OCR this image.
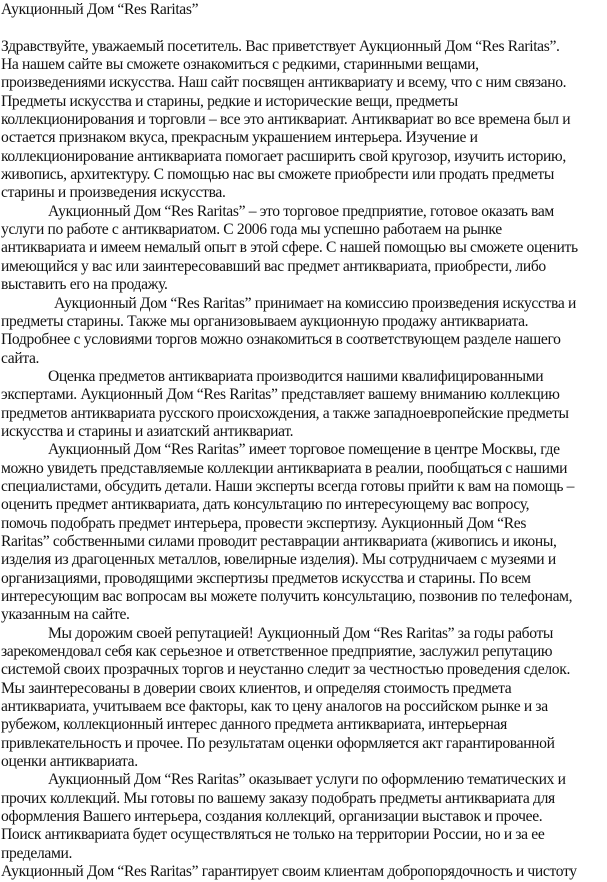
Аукционный Дом “Res Raritas”
Здравствуйте, уважаемый посетитель. Вас приветствует Аукционный Дом “Res Raritas”.
На нашем сайте вы сможете ознакомиться с редкими, старинными вещами,
произведениями искусства. Наш сайт посвящен антиквариату и всему, что с ним связано.
Предметы искусства и старины, редкие и исторические вещи, предметы
коллекционирования и торговли – все это антиквариат. Антиквариат во все времена был и
остается признаком вкуса, прекрасным украшением интерьера. Изучение и
коллекционирование антиквариата помогает расширить свой кругозор, изучить историю,
живопись, архитектуру. С помощью нас вы сможете приобрести или продать предметы
старины и произведения искусства.
Аукционный Дом “Res Raritas” – это торговое предприятие, готовое оказать вам
услуги по работе с антиквариатом. С 2006 года мы успешно работаем на рынке
антиквариата и имеем немалый опыт в этой сфере. С нашей помощью вы сможете оценить
имеющийся у вас или заинтересовавший вас предмет антиквариата, приобрести, либо
выставить его на продажу.
Аукционный Дом “Res Raritas” принимает на комиссию произведения искусства и
предметы старины. Также мы организовываем аукционную продажу антиквариата.
Подробнее с условиями торгов можно ознакомиться в соответствующем разделе нашего
сайта.
Оценка предметов антиквариата производится нашими квалифицированными
экспертами. Аукционный Дом “Res Raritas” представляет вашему вниманию коллекцию
предметов антиквариата русского происхождения, а также западноевропейские предметы
искусства и старины и азиатский антиквариат.
Аукционный Дом “Res Raritas” имеет торговое помещение в центре Москвы, где
можно увидеть представляемые коллекции антиквариата в реалии, пообщаться с нашими
специалистами, обсудить детали. Наши эксперты всегда готовы прийти к вам на помощь –
оценить предмет антиквариата, дать консультацию по интересующему вас вопросу,
помочь подобрать предмет интерьера, провести экспертизу. Аукционный Дом “Res
Raritas” собственными силами проводит реставрации антиквариата (живопись и иконы,
изделия из драгоценных металлов, ювелирные изделия). Мы сотрудничаем с музеями и
организациями, проводящими экспертизы предметов искусства и старины. По всем
интересующим вас вопросам вы можете получить консультацию, позвонив по телефонам,
указанным на сайте.
Мы дорожим своей репутацией! Аукционный Дом “Res Raritas” за годы работы
зарекомендовал себя как серьезное и ответственное предприятие, заслужил репутацию
системой своих прозрачных торгов и неустанно следит за честностью проведения сделок.
Мы заинтересованы в доверии своих клиентов, и определяя стоимость предмета
антиквариата, учитываем все факторы, как то цену аналогов на российском рынке и за
рубежом, коллекционный интерес данного предмета антиквариата, интерьерная
привлекательность и прочее. По результатам оценки оформляется акт гарантированной
оценки антиквариата.
Аукционный Дом “Res Raritas” оказывает услуги по оформлению тематических и
прочих коллекций. Мы готовы по вашему заказу подобрать предметы антиквариата для
оформления Вашего интерьера, создания коллекций, организации выставок и прочее.
Поиск антиквариата будет осуществляться не только на территории России, но и за ее
пределами.
Аукционный Дом “Res Raritas” гарантирует своим клиентам добропорядочность и чистоту
